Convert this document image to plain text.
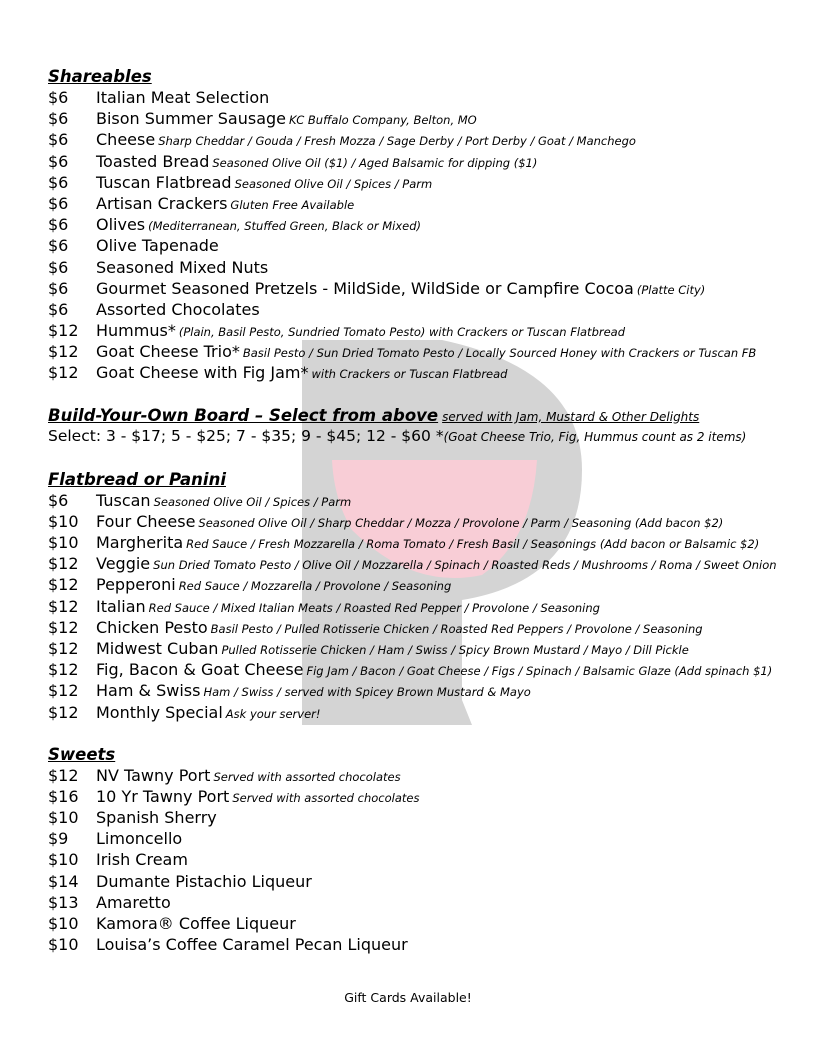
Shareables
$6 Italian Meat Selection
$6 Bison Summer Sausage KC Buffalo Company, Belton, MO
$6 Cheese Sharp Cheddar / Gouda / Fresh Mozza / Sage Derby / Port Derby / Goat / Manchego
$6 Toasted Bread Seasoned Olive Oil ($1) / Aged Balsamic for dipping ($1)
$6 Tuscan Flatbread Seasoned Olive Oil / Spices / Parm
$6 Artisan Crackers Gluten Free Available
$6 Olives (Mediterranean, Stuffed Green, Black or Mixed)
$6 Olive Tapenade
$6 Seasoned Mixed Nuts
$6 Gourmet Seasoned Pretzels - MildSide, WildSide or Campfire Cocoa (Platte City)
$6 Assorted Chocolates
$12 Hummus* (Plain, Basil Pesto, Sundried Tomato Pesto) with Crackers or Tuscan Flatbread
$12 Goat Cheese Trio* Basil Pesto / Sun Dried Tomato Pesto / Locally Sourced Honey with Crackers or Tuscan FB
$12 Goat Cheese with Fig Jam* with Crackers or Tuscan Flatbread
Build-Your-Own Board – Select from above served with Jam, Mustard & Other Delights
Select: 3 - $17; 5 - $25; 7 - $35; 9 - $45; 12 - $60 *(Goat Cheese Trio, Fig, Hummus count as 2 items)
Flatbread or Panini
$6 Tuscan Seasoned Olive Oil / Spices / Parm
$10 Four Cheese Seasoned Olive Oil / Sharp Cheddar / Mozza / Provolone / Parm / Seasoning (Add bacon $2)
$10 Margherita Red Sauce / Fresh Mozzarella / Roma Tomato / Fresh Basil / Seasonings (Add bacon or Balsamic $2)
$12 Veggie Sun Dried Tomato Pesto / Olive Oil / Mozzarella / Spinach / Roasted Reds / Mushrooms / Roma / Sweet Onion
$12 Pepperoni Red Sauce / Mozzarella / Provolone / Seasoning
$12 Italian Red Sauce / Mixed Italian Meats / Roasted Red Pepper / Provolone / Seasoning
$12 Chicken Pesto Basil Pesto / Pulled Rotisserie Chicken / Roasted Red Peppers / Provolone / Seasoning
$12 Midwest Cuban Pulled Rotisserie Chicken / Ham / Swiss / Spicy Brown Mustard / Mayo / Dill Pickle
$12 Fig, Bacon & Goat Cheese Fig Jam / Bacon / Goat Cheese / Figs / Spinach / Balsamic Glaze (Add spinach $1)
$12 Ham & Swiss Ham / Swiss / served with Spicey Brown Mustard & Mayo
$12 Monthly Special Ask your server!
Sweets
$12 NV Tawny Port Served with assorted chocolates
$16 10 Yr Tawny Port Served with assorted chocolates
$10 Spanish Sherry
$9 Limoncello
$10 Irish Cream
$14 Dumante Pistachio Liqueur
$13 Amaretto
$10 Kamora® Coffee Liqueur
$10 Louisa’s Coffee Caramel Pecan Liqueur
Gift Cards Available!
